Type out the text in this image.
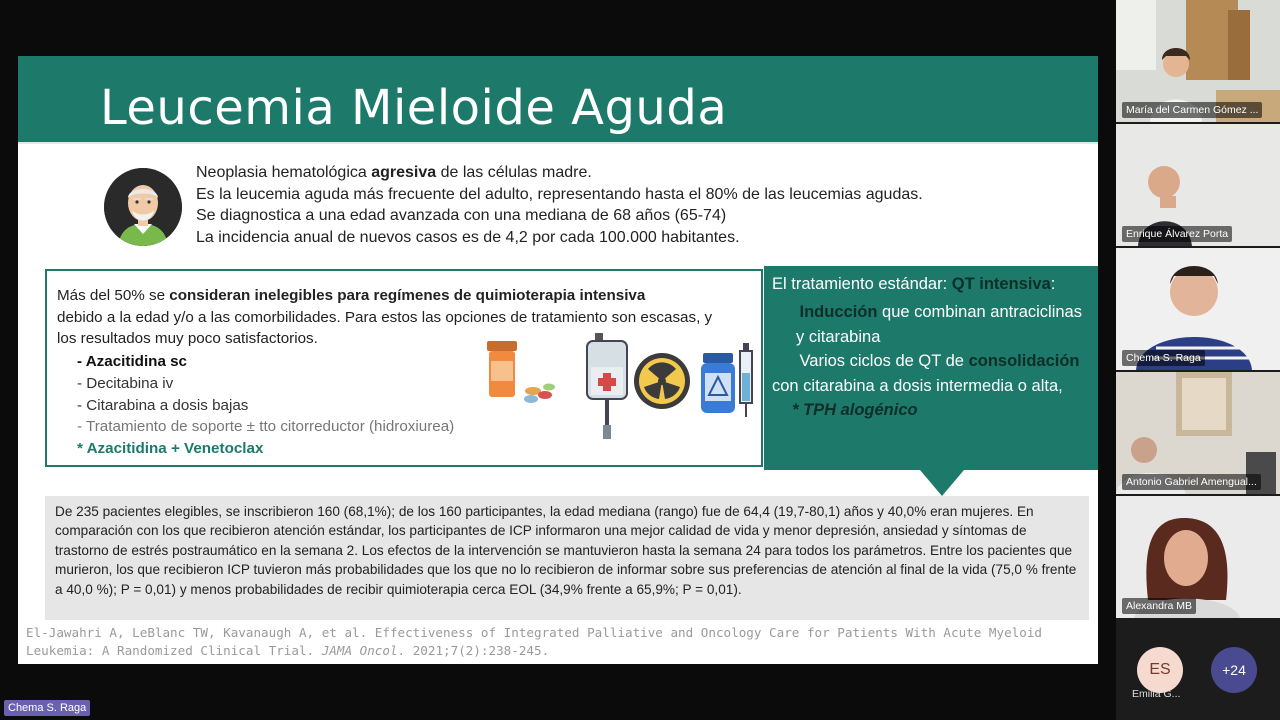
Leucemia Mieloide Aguda
Neoplasia hematológica agresiva de las células madre.
Es la leucemia aguda más frecuente del adulto, representando hasta el 80% de las leucemias agudas.
Se diagnostica a una edad avanzada con una mediana de 68 años (65-74)
La incidencia anual de nuevos casos es de 4,2 por cada 100.000 habitantes.
Más del 50% se consideran inelegibles para regímenes de quimioterapia intensiva
debido a la edad y/o a las comorbilidades. Para estos las opciones de tratamiento son escasas, y los resultados muy poco satisfactorios.
- Azacitidina sc
- Decitabina iv
- Citarabina a dosis bajas
- Tratamiento de soporte ± tto citorreductor (hidroxiurea)
* Azacitidina + Venetoclax
El tratamiento estándar: QT intensiva:
Inducción que combinan antraciclinas y citarabina
Varios ciclos de QT de consolidación con citarabina a dosis intermedia o alta,
* TPH alogénico

De 235 pacientes elegibles, se inscribieron 160 (68,1%); de los 160 participantes, la edad mediana (rango) fue de 64,4 (19,7-80,1) años y 40,0% eran mujeres. En comparación con los que recibieron atención estándar, los participantes de ICP informaron una mejor calidad de vida y menor depresión, ansiedad y síntomas de trastorno de estrés postraumático en la semana 2. Los efectos de la intervención se mantuvieron hasta la semana 24 para todos los parámetros. Entre los pacientes que murieron, los que recibieron ICP tuvieron más probabilidades que los que no lo recibieron de informar sobre sus preferencias de atención al final de la vida (75,0 % frente a 40,0 %); P = 0,01) y menos probabilidades de recibir quimioterapia cerca EOL (34,9% frente a 65,9%; P = 0,01).

El-Jawahri A, LeBlanc TW, Kavanaugh A, et al. Effectiveness of Integrated Palliative and Oncology Care for Patients With Acute Myeloid Leukemia: A Randomized Clinical Trial. JAMA Oncol. 2021;7(2):238-245.
María del Carmen Gómez ...
Enrique Álvarez Porta
Chema S. Raga
Antonio Gabriel Amengual...
Alexandra MB
ES
Emilia G...
+24
Chema S. Raga
